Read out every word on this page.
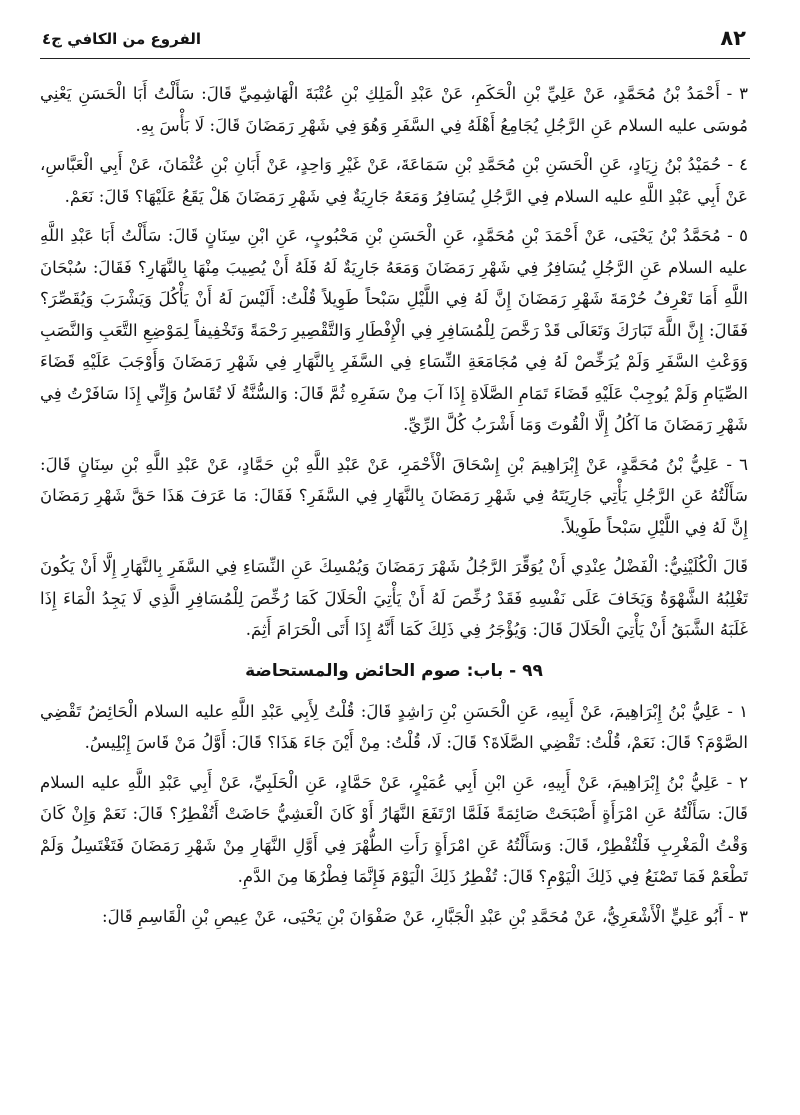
٨٢
الفروع من الكافي ج٤

٣ - أَحْمَدُ بْنُ مُحَمَّدٍ، عَنْ عَلِيِّ بْنِ الْحَكَمِ، عَنْ عَبْدِ الْمَلِكِ بْنِ عُتْبَةَ الْهَاشِمِيِّ قَالَ: سَأَلْتُ أَبَا الْحَسَنِ يَعْنِي مُوسَى عليه السلام عَنِ الرَّجُلِ يُجَامِعُ أَهْلَهُ فِي السَّفَرِ وَهُوَ فِي شَهْرِ رَمَضَانَ قَالَ: لَا بَأْسَ بِهِ.

٤ - حُمَيْدُ بْنُ زِيَادٍ، عَنِ الْحَسَنِ بْنِ مُحَمَّدِ بْنِ سَمَاعَةَ، عَنْ غَيْرِ وَاحِدٍ، عَنْ أَبَانِ بْنِ عُثْمَانَ، عَنْ أَبِي الْعَبَّاسِ، عَنْ أَبِي عَبْدِ اللَّهِ عليه السلام فِي الرَّجُلِ يُسَافِرُ وَمَعَهُ جَارِيَةٌ فِي شَهْرِ رَمَضَانَ هَلْ يَقَعُ عَلَيْهَا؟ قَالَ: نَعَمْ.

٥ - مُحَمَّدُ بْنُ يَحْيَى، عَنْ أَحْمَدَ بْنِ مُحَمَّدٍ، عَنِ الْحَسَنِ بْنِ مَحْبُوبٍ، عَنِ ابْنِ سِنَانٍ قَالَ: سَأَلْتُ أَبَا عَبْدِ اللَّهِ عليه السلام عَنِ الرَّجُلِ يُسَافِرُ فِي شَهْرِ رَمَضَانَ وَمَعَهُ جَارِيَةٌ لَهُ فَلَهُ أَنْ يُصِيبَ مِنْهَا بِالنَّهَارِ؟ فَقَالَ: سُبْحَانَ اللَّهِ أَمَا تَعْرِفُ حُرْمَةَ شَهْرِ رَمَضَانَ إِنَّ لَهُ فِي اللَّيْلِ سَبْحاً طَوِيلاً قُلْتُ: أَلَيْسَ لَهُ أَنْ يَأْكُلَ وَيَشْرَبَ وَيُقَصِّرَ؟ فَقَالَ: إِنَّ اللَّهَ تَبَارَكَ وَتَعَالَى قَدْ رَخَّصَ لِلْمُسَافِرِ فِي الْإِفْطَارِ وَالتَّقْصِيرِ رَحْمَةً وَتَخْفِيفاً لِمَوْضِعِ التَّعَبِ وَالنَّصَبِ وَوَعْثِ السَّفَرِ وَلَمْ يُرَخِّصْ لَهُ فِي مُجَامَعَةِ النِّسَاءِ فِي السَّفَرِ بِالنَّهَارِ فِي شَهْرِ رَمَضَانَ وَأَوْجَبَ عَلَيْهِ قَضَاءَ الصِّيَامِ وَلَمْ يُوجِبْ عَلَيْهِ قَضَاءَ تَمَامِ الصَّلَاةِ إِذَا آبَ مِنْ سَفَرِهِ ثُمَّ قَالَ: وَالسُّنَّةُ لَا تُقَاسُ وَإِنِّي إِذَا سَافَرْتُ فِي شَهْرِ رَمَضَانَ مَا آكُلُ إِلَّا الْقُوتَ وَمَا أَشْرَبُ كُلَّ الرِّيِّ.

٦ - عَلِيُّ بْنُ مُحَمَّدٍ، عَنْ إِبْرَاهِيمَ بْنِ إِسْحَاقَ الْأَحْمَرِ، عَنْ عَبْدِ اللَّهِ بْنِ حَمَّادٍ، عَنْ عَبْدِ اللَّهِ بْنِ سِنَانٍ قَالَ: سَأَلْتُهُ عَنِ الرَّجُلِ يَأْتِي جَارِيَتَهُ فِي شَهْرِ رَمَضَانَ بِالنَّهَارِ فِي السَّفَرِ؟ فَقَالَ: مَا عَرَفَ هَذَا حَقَّ شَهْرِ رَمَضَانَ إِنَّ لَهُ فِي اللَّيْلِ سَبْحاً طَوِيلاً.

قَالَ الْكُلَيْنِيُّ: الْفَضْلُ عِنْدِي أَنْ يُوَقِّرَ الرَّجُلُ شَهْرَ رَمَضَانَ وَيُمْسِكَ عَنِ النِّسَاءِ فِي السَّفَرِ بِالنَّهَارِ إِلَّا أَنْ يَكُونَ تَغْلِبُهُ الشَّهْوَةُ وَيَخَافَ عَلَى نَفْسِهِ فَقَدْ رُخِّصَ لَهُ أَنْ يَأْتِيَ الْحَلَالَ كَمَا رُخِّصَ لِلْمُسَافِرِ الَّذِي لَا يَجِدُ الْمَاءَ إِذَا غَلَبَهُ الشَّبَقُ أَنْ يَأْتِيَ الْحَلَالَ قَالَ: وَيُؤْجَرُ فِي ذَلِكَ كَمَا أَنَّهُ إِذَا أَتَى الْحَرَامَ أَثِمَ.

٩٩ - باب: صوم الحائض والمستحاضة

١ - عَلِيُّ بْنُ إِبْرَاهِيمَ، عَنْ أَبِيهِ، عَنِ الْحَسَنِ بْنِ رَاشِدٍ قَالَ: قُلْتُ لِأَبِي عَبْدِ اللَّهِ عليه السلام الْحَائِضُ تَقْضِي الصَّوْمَ؟ قَالَ: نَعَمْ، قُلْتُ: تَقْضِي الصَّلَاةَ؟ قَالَ: لَا، قُلْتُ: مِنْ أَيْنَ جَاءَ هَذَا؟ قَالَ: أَوَّلُ مَنْ قَاسَ إِبْلِيسُ.

٢ - عَلِيُّ بْنُ إِبْرَاهِيمَ، عَنْ أَبِيهِ، عَنِ ابْنِ أَبِي عُمَيْرٍ، عَنْ حَمَّادٍ، عَنِ الْحَلَبِيِّ، عَنْ أَبِي عَبْدِ اللَّهِ عليه السلام قَالَ: سَأَلْتُهُ عَنِ امْرَأَةٍ أَصْبَحَتْ صَائِمَةً فَلَمَّا ارْتَفَعَ النَّهَارُ أَوْ كَانَ الْعَشِيُّ حَاضَتْ أَتُفْطِرُ؟ قَالَ: نَعَمْ وَإِنْ كَانَ وَقْتُ الْمَغْرِبِ فَلْتُفْطِرْ، قَالَ: وَسَأَلْتُهُ عَنِ امْرَأَةٍ رَأَتِ الطُّهْرَ فِي أَوَّلِ النَّهَارِ مِنْ شَهْرِ رَمَضَانَ فَتَغْتَسِلُ وَلَمْ تَطْعَمْ فَمَا تَصْنَعُ فِي ذَلِكَ الْيَوْمِ؟ قَالَ: تُفْطِرُ ذَلِكَ الْيَوْمَ فَإِنَّمَا فِطْرُهَا مِنَ الدَّمِ.

٣ - أَبُو عَلِيٍّ الْأَشْعَرِيُّ، عَنْ مُحَمَّدِ بْنِ عَبْدِ الْجَبَّارِ، عَنْ صَفْوَانَ بْنِ يَحْيَى، عَنْ عِيصِ بْنِ الْقَاسِمِ قَالَ:
